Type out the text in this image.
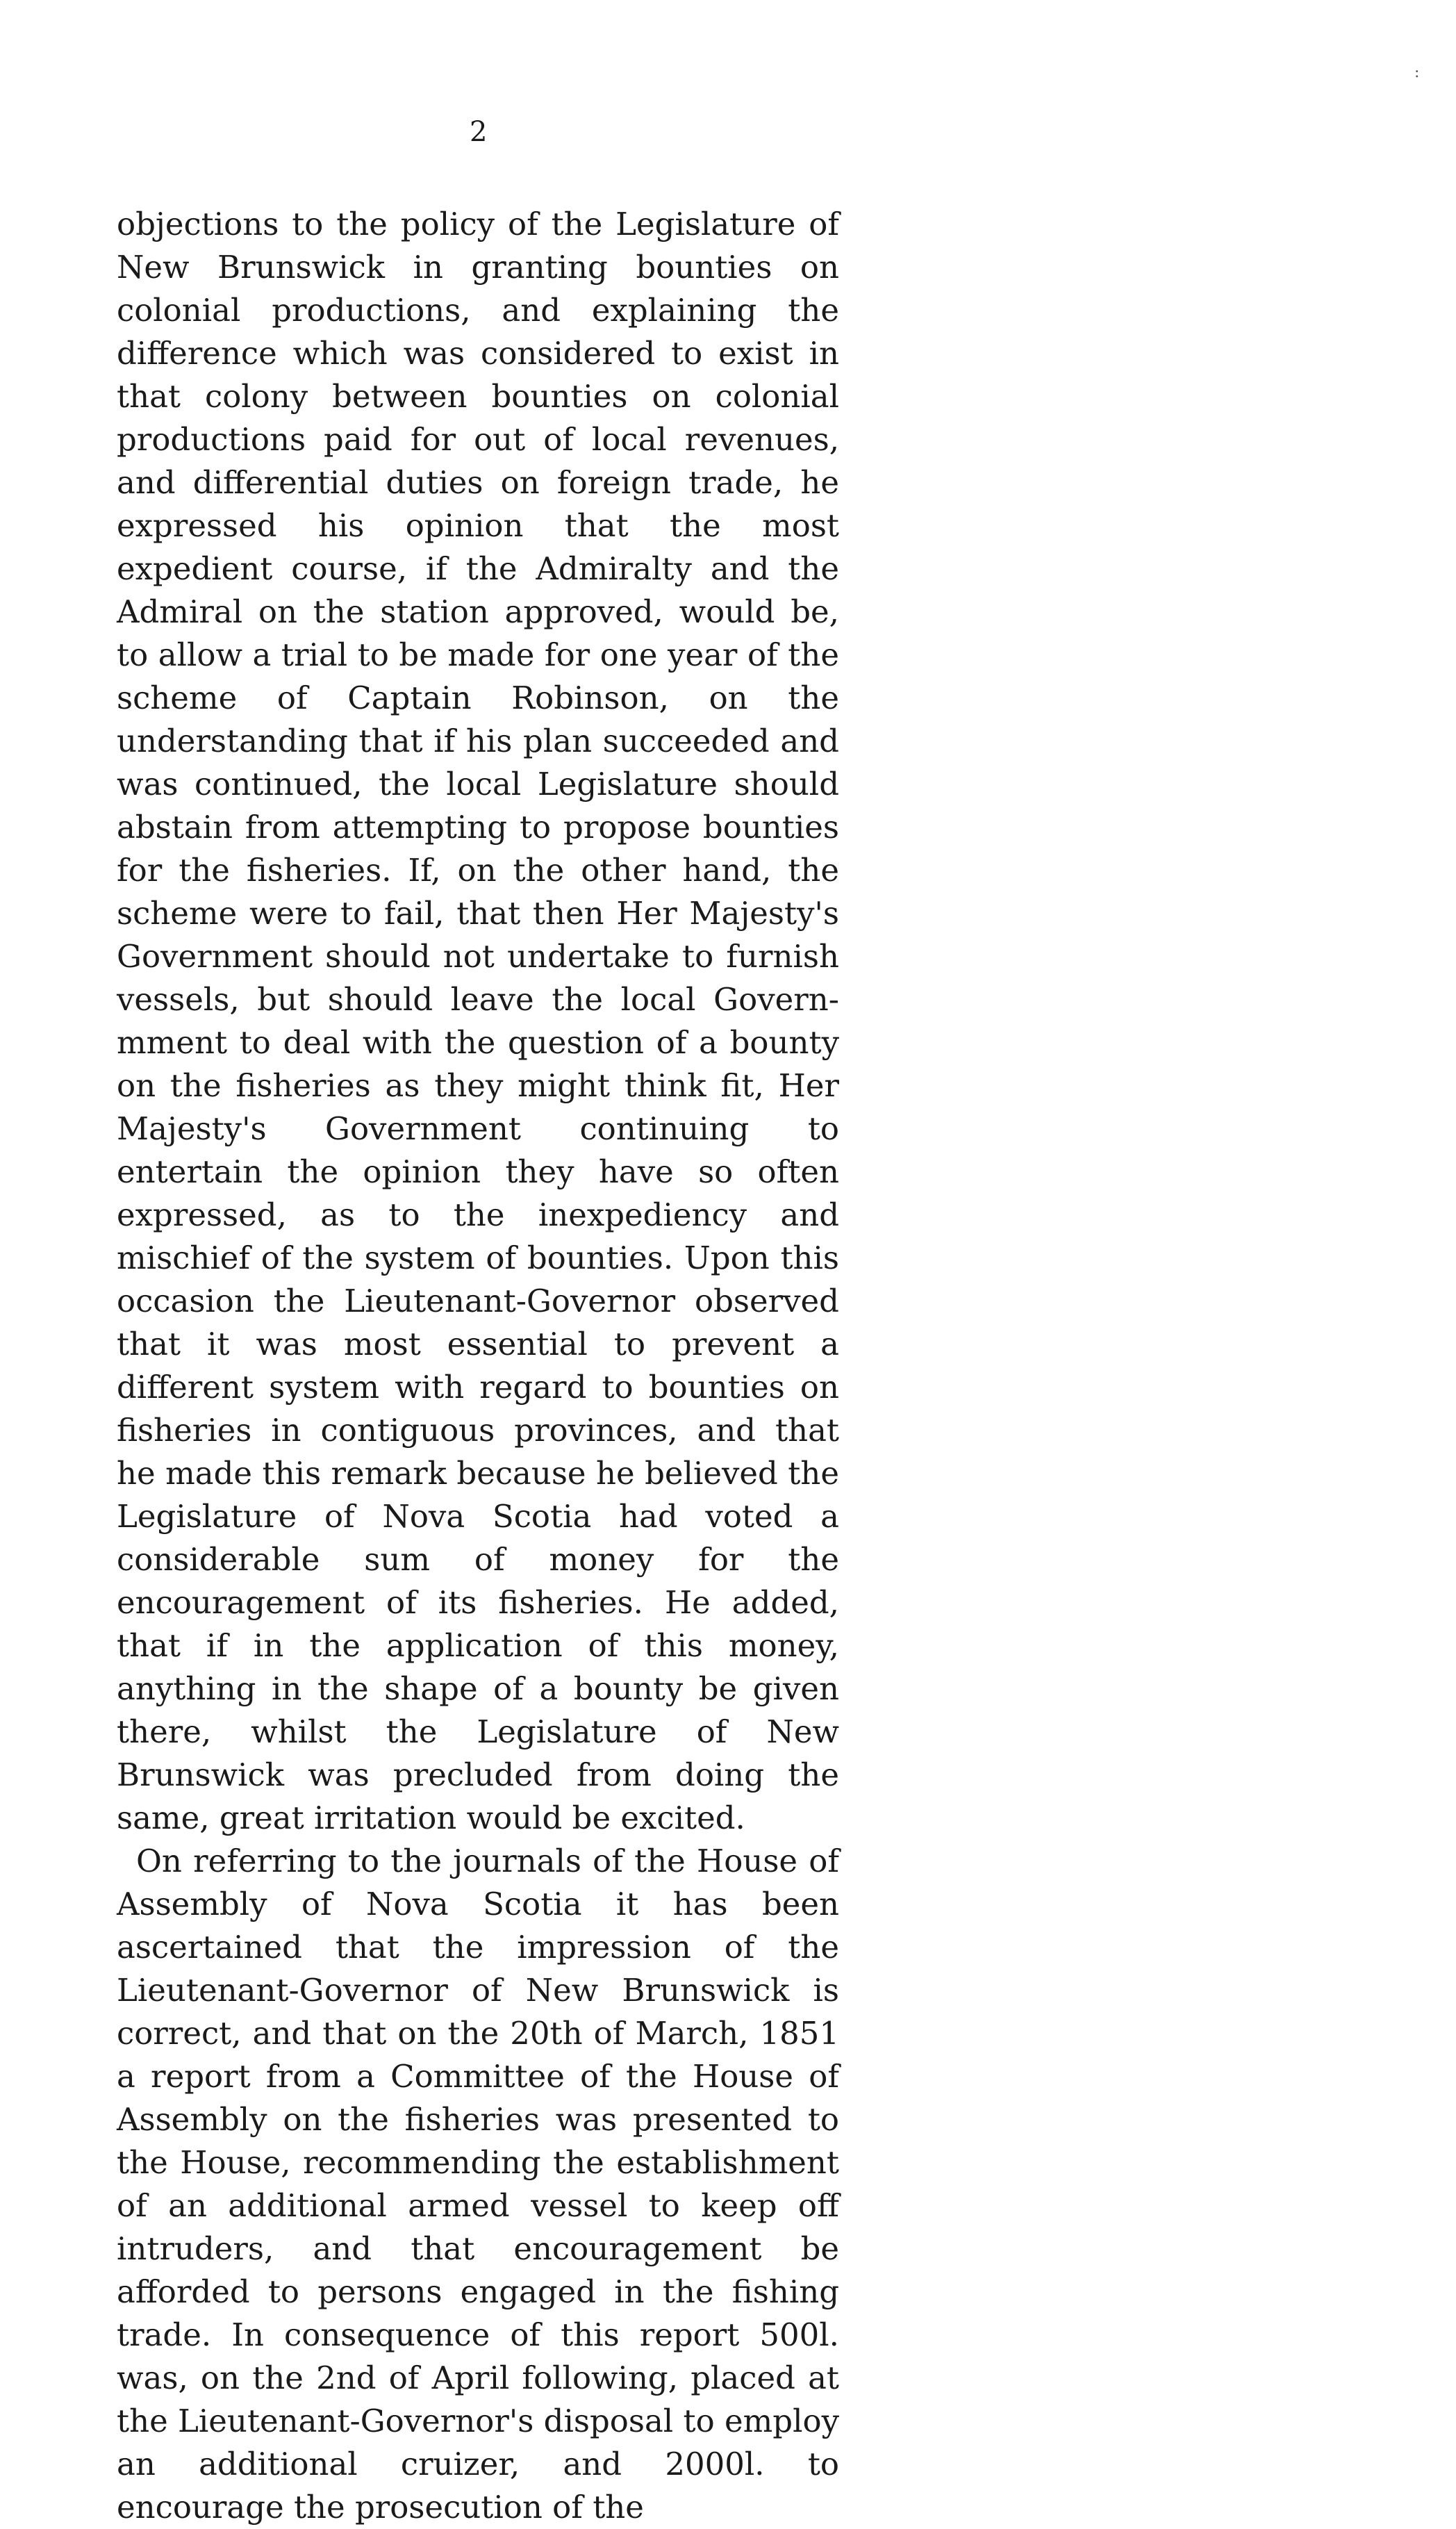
2
:

objections to the policy of the Legislature of New Brunswick in granting bounties on colonial productions, and explaining the difference which was considered to exist in that colony between bounties on colonial productions paid for out of local revenues, and differential duties on foreign trade, he expressed his opinion that the most expedient course, if the Admiralty and the Admiral on the station approved, would be, to allow a trial to be made for one year of the scheme of Captain Robinson, on the understanding that if his plan succeeded and was continued, the local Legislature should abstain from attempting to propose bounties for the fisheries. If, on the other hand, the scheme were to fail, that then Her Majesty's Government should not undertake to furnish vessels, but should leave the local Governmment to deal with the question of a bounty on the fisheries as they might think fit, Her Majesty's Government continuing to entertain the opinion they have so often expressed, as to the inexpediency and mischief of the system of bounties. Upon this occasion the Lieutenant-Governor observed that it was most essential to prevent a different system with regard to bounties on fisheries in contiguous provinces, and that he made this remark because he believed the Legislature of Nova Scotia had voted a considerable sum of money for the encouragement of its fisheries. He added, that if in the application of this money, anything in the shape of a bounty be given there, whilst the Legislature of New Brunswick was precluded from doing the same, great irritation would be excited.

On referring to the journals of the House of Assembly of Nova Scotia it has been ascertained that the impression of the Lieutenant-Governor of New Brunswick is correct, and that on the 20th of March, 1851 a report from a Committee of the House of Assembly on the fisheries was presented to the House, recommending the establishment of an additional armed vessel to keep off intruders, and that encouragement be afforded to persons engaged in the fishing trade. In consequence of this report 500l. was, on the 2nd of April following, placed at the Lieutenant-Governor's disposal to employ an additional cruizer, and 2000l. to encourage the prosecution of the
